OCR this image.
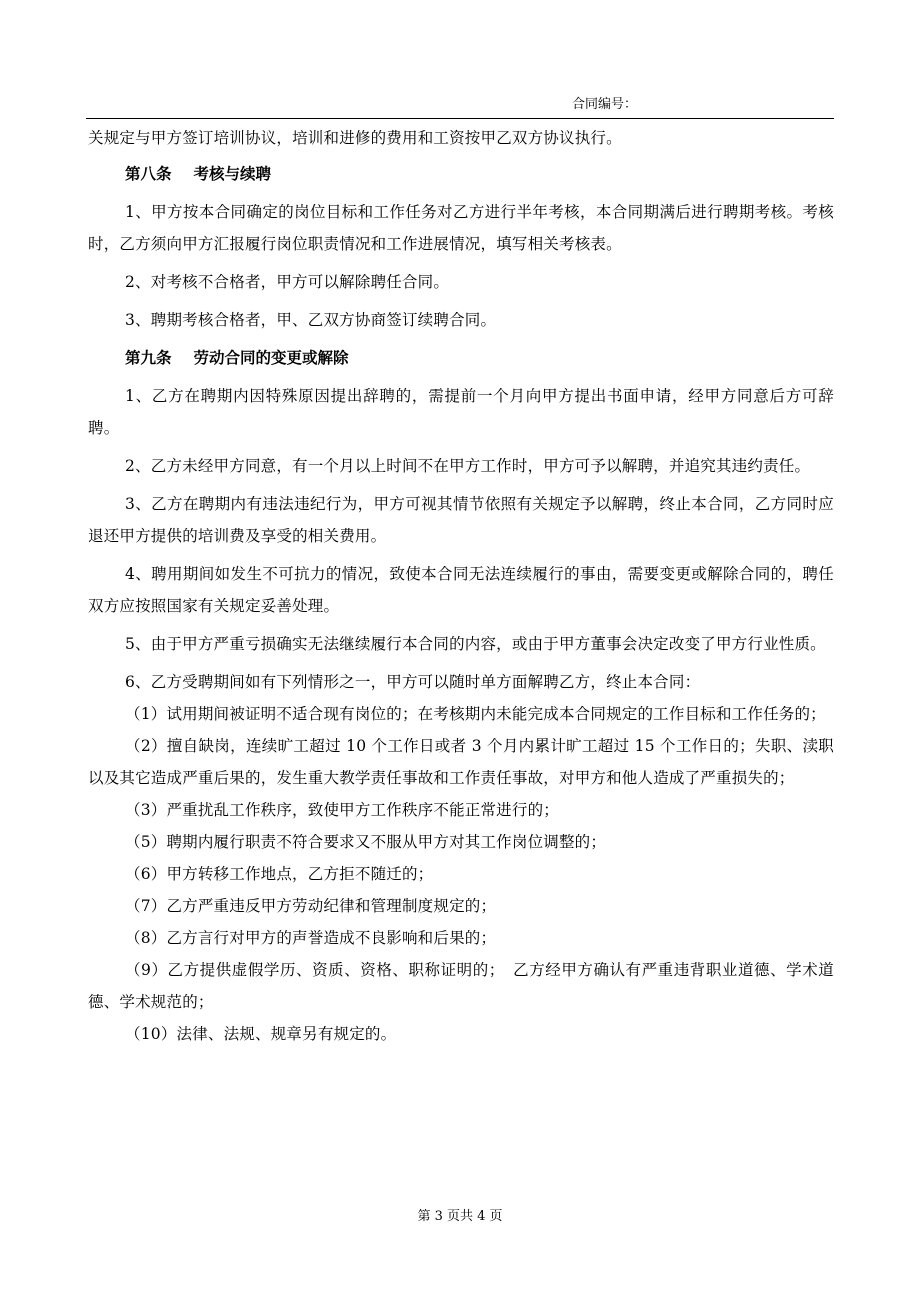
合同编号：

关规定与甲方签订培训协议，培训和进修的费用和工资按甲乙双方协议执行。

第八条 考核与续聘

1、甲方按本合同确定的岗位目标和工作任务对乙方进行半年考核，本合同期满后进行聘期考核。考核时，乙方须向甲方汇报履行岗位职责情况和工作进展情况，填写相关考核表。

2、对考核不合格者，甲方可以解除聘任合同。

3、聘期考核合格者，甲、乙双方协商签订续聘合同。

第九条 劳动合同的变更或解除

1、乙方在聘期内因特殊原因提出辞聘的，需提前一个月向甲方提出书面申请，经甲方同意后方可辞聘。

2、乙方未经甲方同意，有一个月以上时间不在甲方工作时，甲方可予以解聘，并追究其违约责任。

3、乙方在聘期内有违法违纪行为，甲方可视其情节依照有关规定予以解聘，终止本合同，乙方同时应退还甲方提供的培训费及享受的相关费用。

4、聘用期间如发生不可抗力的情况，致使本合同无法连续履行的事由，需要变更或解除合同的，聘任双方应按照国家有关规定妥善处理。

5、由于甲方严重亏损确实无法继续履行本合同的内容，或由于甲方董事会决定改变了甲方行业性质。

6、乙方受聘期间如有下列情形之一，甲方可以随时单方面解聘乙方，终止本合同：

（1）试用期间被证明不适合现有岗位的；在考核期内未能完成本合同规定的工作目标和工作任务的；

（2）擅自缺岗，连续旷工超过 10 个工作日或者 3 个月内累计旷工超过 15 个工作日的；失职、渎职以及其它造成严重后果的，发生重大教学责任事故和工作责任事故，对甲方和他人造成了严重损失的；

（3）严重扰乱工作秩序，致使甲方工作秩序不能正常进行的；

（5）聘期内履行职责不符合要求又不服从甲方对其工作岗位调整的；

（6）甲方转移工作地点，乙方拒不随迁的；

（7）乙方严重违反甲方劳动纪律和管理制度规定的；

（8）乙方言行对甲方的声誉造成不良影响和后果的；

（9）乙方提供虚假学历、资质、资格、职称证明的；　乙方经甲方确认有严重违背职业道德、学术道德、学术规范的；

（10）法律、法规、规章另有规定的。

第 3 页共 4 页
